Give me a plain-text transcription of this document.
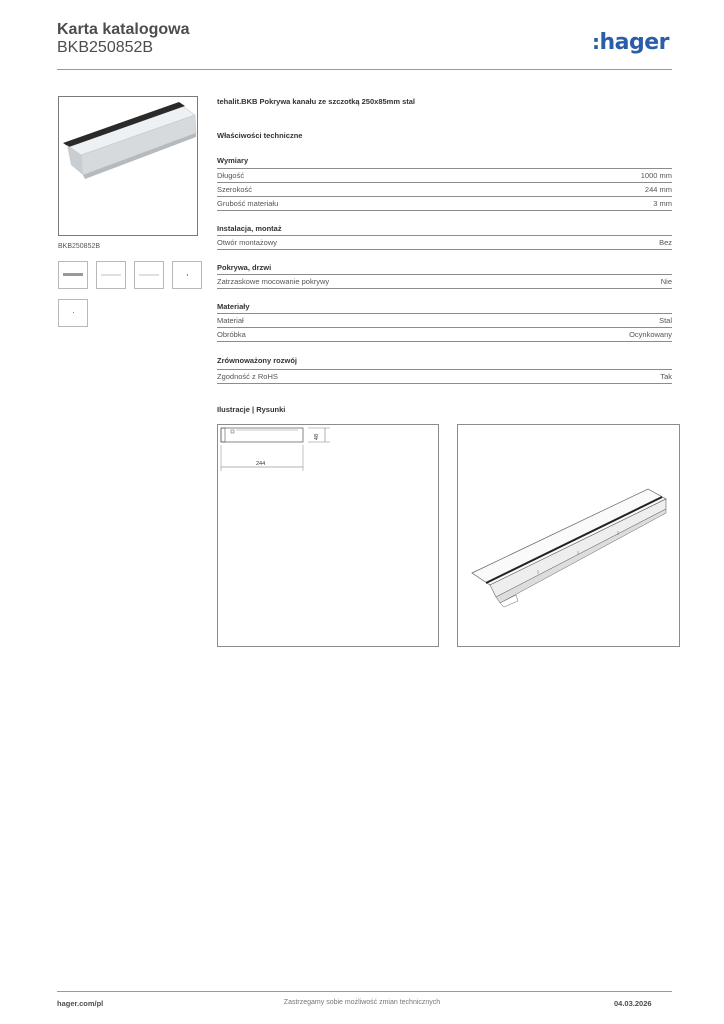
Karta katalogowa
BKB250852B	:hager
BKB250852B
tehalit.BKB Pokrywa kanału ze szczotką 250x85mm stal
Właściwości techniczne
Wymiary
Długość	1000 mm
Szerokość	244 mm
Grubość materiału	3 mm
Instalacja, montaż
Otwór montażowy	Bez
Pokrywa, drzwi
Zatrzaskowe mocowanie pokrywy	Nie
Materiały
Materiał	Stal
Obróbka	Ocynkowany
Zrównoważony rozwój
Zgodność z RoHS	Tak
Ilustracje | Rysunki
244
48
hager.com/pl	Zastrzegamy sobie możliwość zmian technicznych	04.03.2026
